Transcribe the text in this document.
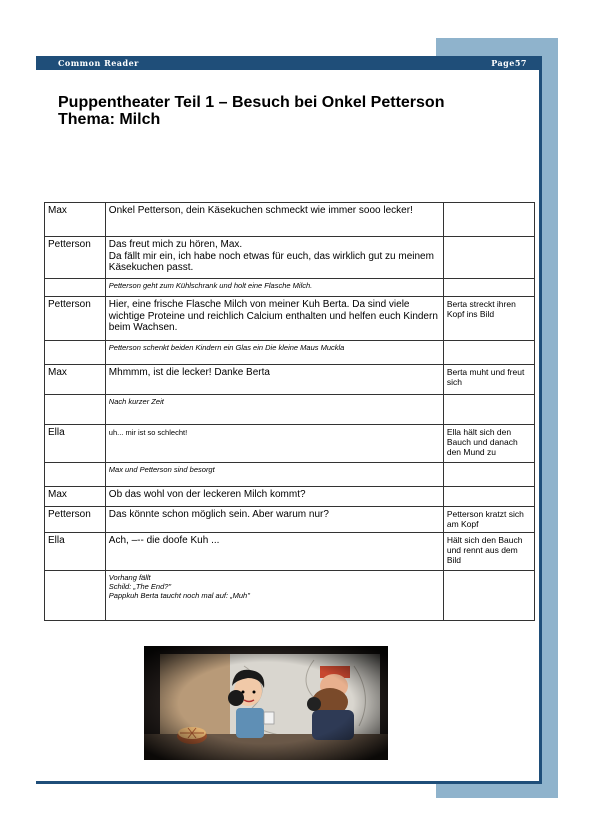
Common Reader	Page57
Puppentheater Teil 1 – Besuch bei Onkel Petterson
Thema: Milch
Max	Onkel Petterson, dein Käsekuchen schmeckt wie immer sooo lecker!	
Petterson	Das freut mich zu hören, Max.
Da fällt mir ein, ich habe noch etwas für euch, das wirklich gut zu meinem Käsekuchen passt.	
	Petterson geht zum Kühlschrank und holt eine Flasche Milch.	
Petterson	Hier, eine frische Flasche Milch von meiner Kuh Berta. Da sind viele wichtige Proteine und reichlich Calcium enthalten und helfen euch Kindern beim Wachsen.	Berta streckt ihren Kopf ins Bild
	Petterson schenkt beiden Kindern ein Glas ein Die kleine Maus Muckla	
Max	Mhmmm, ist die lecker! Danke Berta	Berta muht und freut sich
	Nach kurzer Zeit	
Ella	uh... mir ist so schlecht!	Ella hält sich den Bauch und danach den Mund zu
	Max und Petterson sind besorgt	
Max	Ob das wohl von der leckeren Milch kommt?	
Petterson	Das könnte schon möglich sein. Aber warum nur?	Petterson kratzt sich am Kopf
Ella	Ach, –-- die doofe Kuh ...	Hält sich den Bauch und rennt aus dem Bild
	Vorhang fällt
Schild: „The End?"
Pappkuh Berta taucht noch mal auf: „Muh"	
